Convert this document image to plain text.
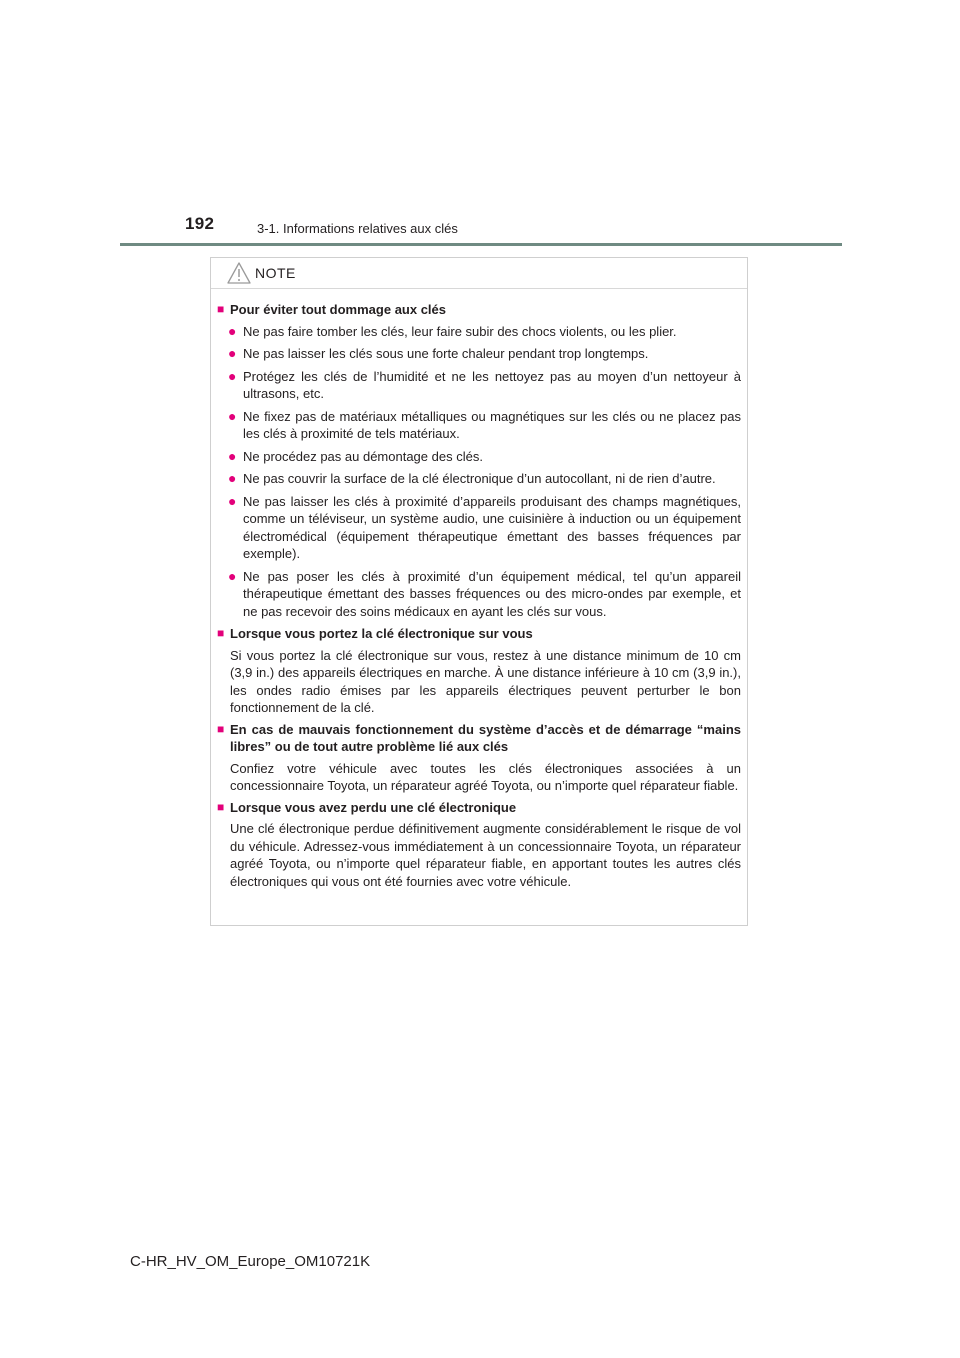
192	3-1. Informations relatives aux clés
NOTE
■ Pour éviter tout dommage aux clés
● Ne pas faire tomber les clés, leur faire subir des chocs violents, ou les plier.
● Ne pas laisser les clés sous une forte chaleur pendant trop longtemps.
● Protégez les clés de l’humidité et ne les nettoyez pas au moyen d’un nettoyeur à ultrasons, etc.
● Ne fixez pas de matériaux métalliques ou magnétiques sur les clés ou ne placez pas les clés à proximité de tels matériaux.
● Ne procédez pas au démontage des clés.
● Ne pas couvrir la surface de la clé électronique d’un autocollant, ni de rien d’autre.
● Ne pas laisser les clés à proximité d’appareils produisant des champs magnétiques, comme un téléviseur, un système audio, une cuisinière à induction ou un équipement électromédical (équipement thérapeutique émettant des basses fréquences par exemple).
● Ne pas poser les clés à proximité d’un équipement médical, tel qu’un appareil thérapeutique émettant des basses fréquences ou des micro-ondes par exemple, et ne pas recevoir des soins médicaux en ayant les clés sur vous.
■ Lorsque vous portez la clé électronique sur vous
Si vous portez la clé électronique sur vous, restez à une distance minimum de 10 cm (3,9 in.) des appareils électriques en marche. À une distance inférieure à 10 cm (3,9 in.), les ondes radio émises par les appareils électriques peuvent perturber le bon fonctionnement de la clé.
■ En cas de mauvais fonctionnement du système d’accès et de démarrage “mains libres” ou de tout autre problème lié aux clés
Confiez votre véhicule avec toutes les clés électroniques associées à un concessionnaire Toyota, un réparateur agréé Toyota, ou n’importe quel réparateur fiable.
■ Lorsque vous avez perdu une clé électronique
Une clé électronique perdue définitivement augmente considérablement le risque de vol du véhicule. Adressez-vous immédiatement à un concessionnaire Toyota, un réparateur agréé Toyota, ou n’importe quel réparateur fiable, en apportant toutes les autres clés électroniques qui vous ont été fournies avec votre véhicule.
C-HR_HV_OM_Europe_OM10721K
